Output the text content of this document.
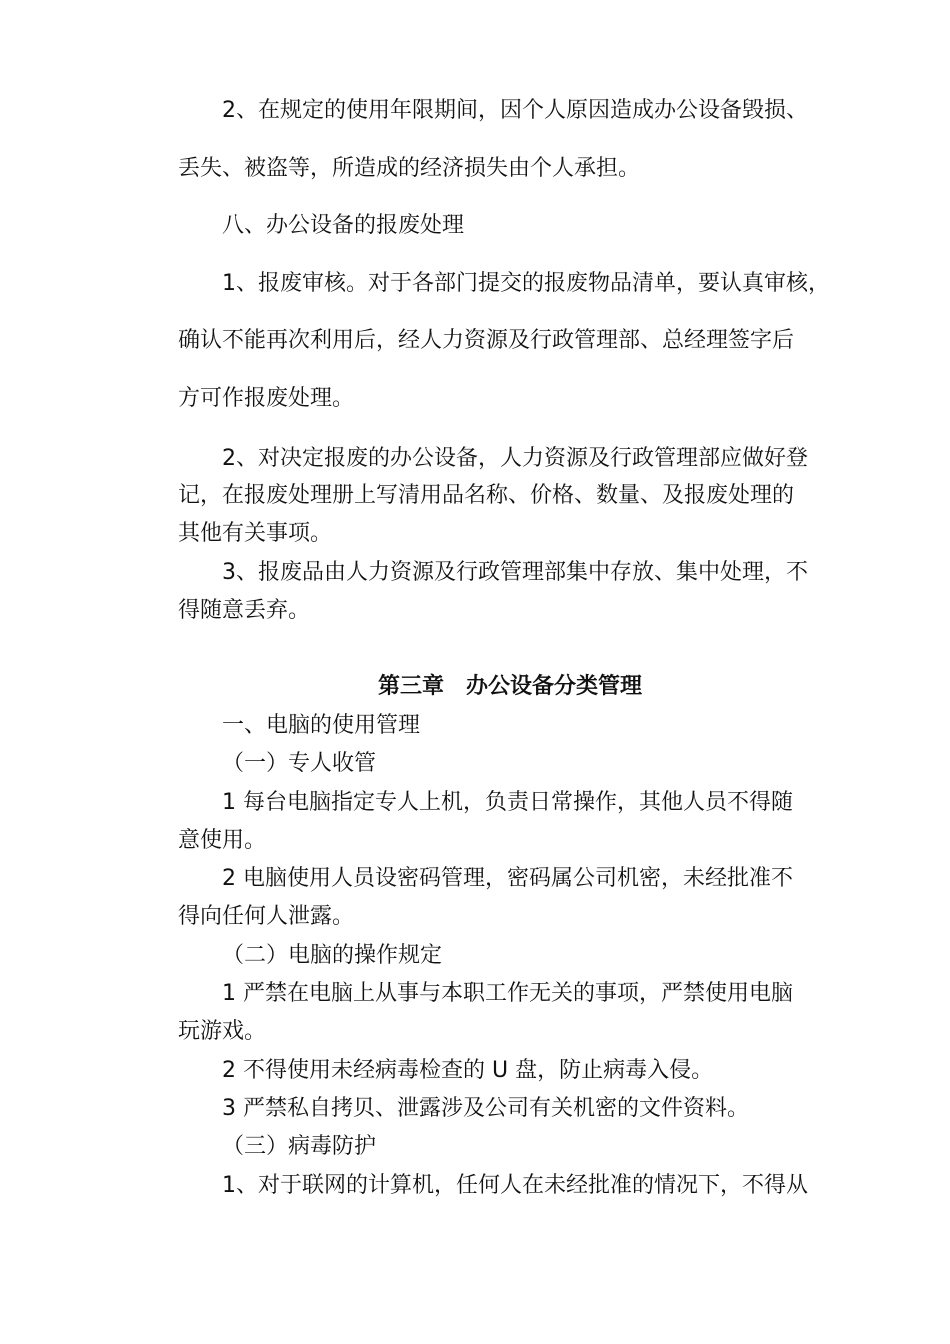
2、在规定的使用年限期间，因个人原因造成办公设备毁损、
丢失、被盗等，所造成的经济损失由个人承担。
八、办公设备的报废处理
1、报废审核。对于各部门提交的报废物品清单，要认真审核，
确认不能再次利用后，经人力资源及行政管理部、总经理签字后
方可作报废处理。
2、对决定报废的办公设备，人力资源及行政管理部应做好登
记，在报废处理册上写清用品名称、价格、数量、及报废处理的
其他有关事项。
3、报废品由人力资源及行政管理部集中存放、集中处理，不
得随意丢弃。
第三章　办公设备分类管理
一、电脑的使用管理
（一）专人收管
1 每台电脑指定专人上机，负责日常操作，其他人员不得随
意使用。
2 电脑使用人员设密码管理，密码属公司机密，未经批准不
得向任何人泄露。
（二）电脑的操作规定
1 严禁在电脑上从事与本职工作无关的事项，严禁使用电脑
玩游戏。
2 不得使用未经病毒检查的 U 盘，防止病毒入侵。
3 严禁私自拷贝、泄露涉及公司有关机密的文件资料。
（三）病毒防护
1、对于联网的计算机，任何人在未经批准的情况下，不得从
